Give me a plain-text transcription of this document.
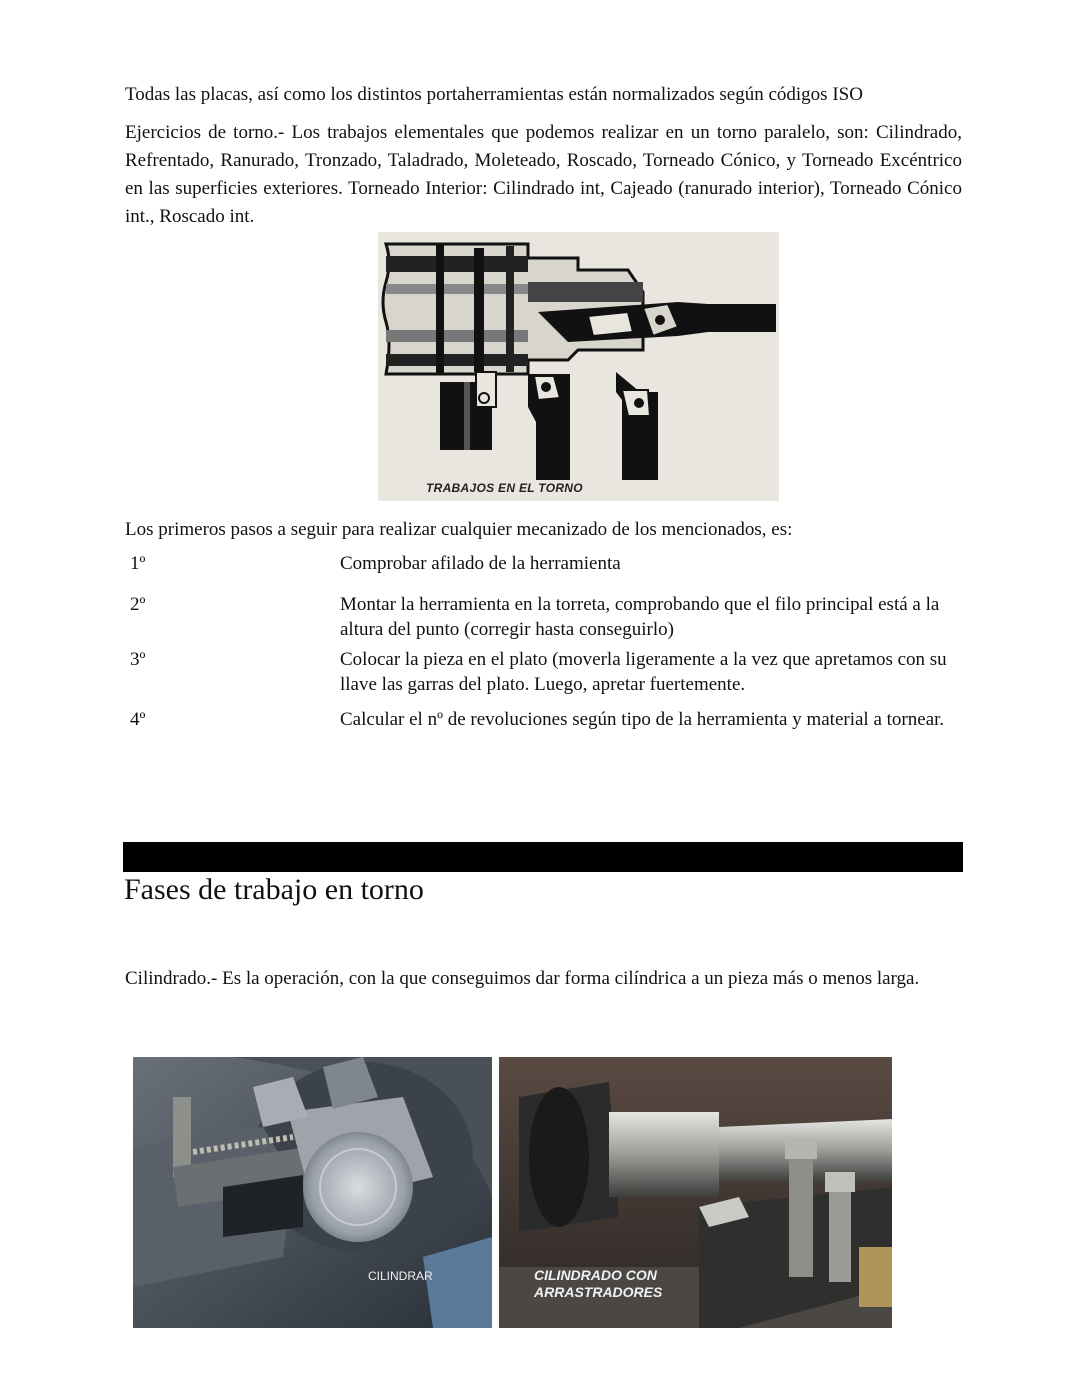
Todas las placas, así como los distintos portaherramientas están normalizados según códigos ISO

Ejercicios de torno.- Los trabajos elementales que podemos realizar en un torno paralelo, son: Cilindrado, Refrentado, Ranurado, Tronzado, Taladrado, Moleteado, Roscado, Torneado Cónico, y Torneado Excéntrico en las superficies exteriores. Torneado Interior: Cilindrado int, Cajeado (ranurado interior), Torneado Cónico int., Roscado int.

TRABAJOS EN EL TORNO

Los primeros pasos a seguir para realizar cualquier mecanizado de los mencionados, es:

1º	Comprobar afilado de la herramienta
2º	Montar la herramienta en la torreta, comprobando que el filo principal está a la altura del punto (corregir hasta conseguirlo)
3º	Colocar la pieza en el plato (moverla ligeramente a la vez que apretamos con su llave las garras del plato. Luego, apretar fuertemente.
4º	Calcular el nº de revoluciones según tipo de la herramienta y material a tornear.
Fases de trabajo en torno

Cilindrado.- Es la operación, con la que conseguimos dar forma cilíndrica a un pieza más o menos larga.

CILINDRAR	CILINDRADO CON ARRASTRADORES
